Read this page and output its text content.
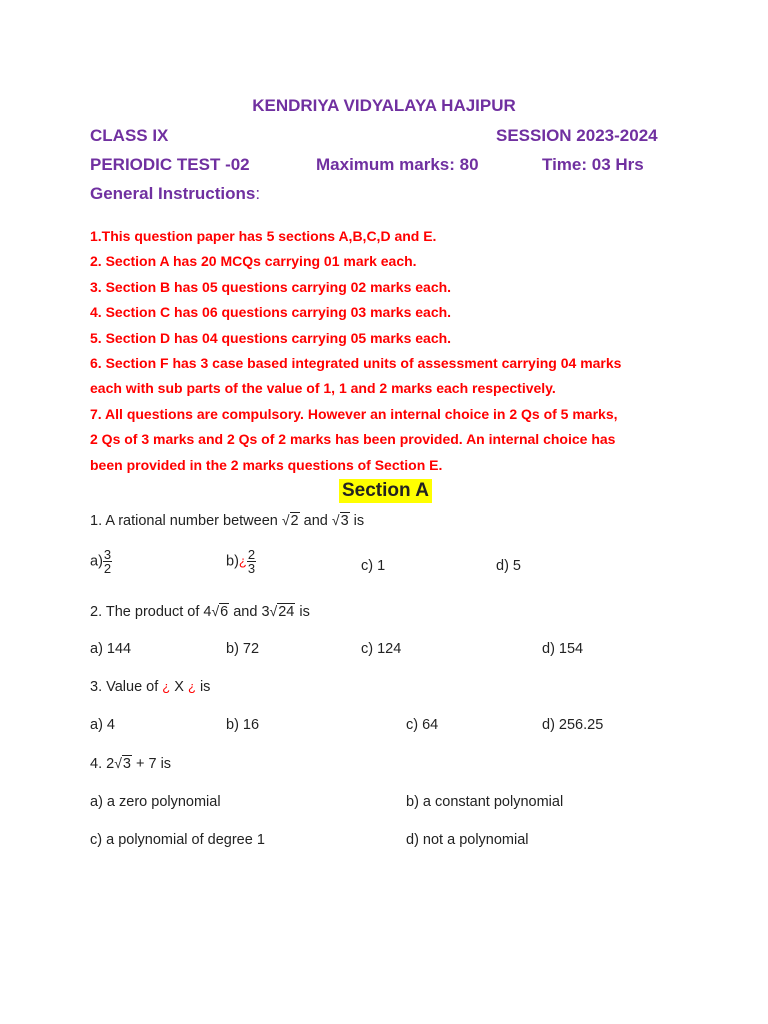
KENDRIYA VIDYALAYA HAJIPUR
CLASS IX	SESSION 2023-2024
PERIODIC TEST -02	Maximum marks: 80	Time: 03 Hrs
General Instructions:
1.This question paper has 5 sections A,B,C,D and E.
2. Section A has 20 MCQs carrying 01 mark each.
3. Section B has 05 questions carrying 02 marks each.
4. Section C has 06 questions carrying 03 marks each.
5. Section D has 04 questions carrying 05 marks each.
6. Section F has 3 case based integrated units of assessment carrying 04 marks
each with sub parts of the value of 1, 1 and 2 marks each respectively.
7. All questions are compulsory. However an internal choice in 2 Qs of 5 marks,
2 Qs of 3 marks and 2 Qs of 2 marks has been provided. An internal choice has
been provided in the 2 marks questions of Section E.
Section A
1. A rational number between √2 and √3 is
$a) \frac{3}{2}$	b)¿ $\frac{2}{3}$	c) 1	d) 5
2. The product of 4√6 and 3√24 is
a) 144	b) 72	c) 124	d) 154
3. Value of ¿ X ¿ is
a) 4	b) 16	c) 64	d) 256.25
4. 2√3 + 7 is
a) a zero polynomial	b) a constant polynomial
c) a polynomial of degree 1	d) not a polynomial
